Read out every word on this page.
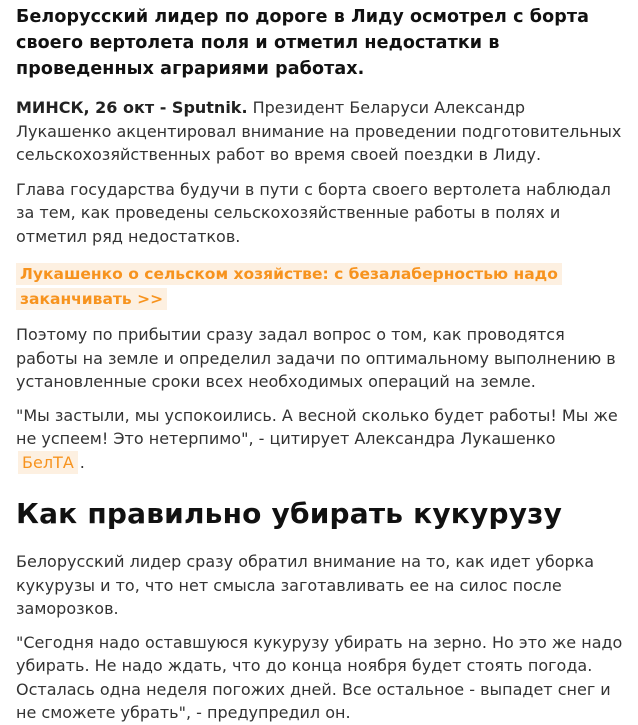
Белорусский лидер по дороге в Лиду осмотрел с борта своего вертолета поля и отметил недостатки в проведенных аграриями работах.

МИНСК, 26 окт - Sputnik. Президент Беларуси Александр Лукашенко акцентировал внимание на проведении подготовительных сельскохозяйственных работ во время своей поездки в Лиду.

Глава государства будучи в пути с борта своего вертолета наблюдал за тем, как проведены сельскохозяйственные работы в полях и отметил ряд недостатков.

Лукашенко о сельском хозяйстве: с безалаберностью надо заканчивать >>

Поэтому по прибытии сразу задал вопрос о том, как проводятся работы на земле и определил задачи по оптимальному выполнению в установленные сроки всех необходимых операций на земле.

"Мы застыли, мы успокоились. А весной сколько будет работы! Мы же не успеем! Это нетерпимо", - цитирует Александра Лукашенко БелТА .

Как правильно убирать кукурузу

Белорусский лидер сразу обратил внимание на то, как идет уборка кукурузы и то, что нет смысла заготавливать ее на силос после заморозков.

"Сегодня надо оставшуюся кукурузу убирать на зерно. Но это же надо убирать. Не надо ждать, что до конца ноября будет стоять погода. Осталась одна неделя погожих дней. Все остальное - выпадет снег и не сможете убрать", - предупредил он.
